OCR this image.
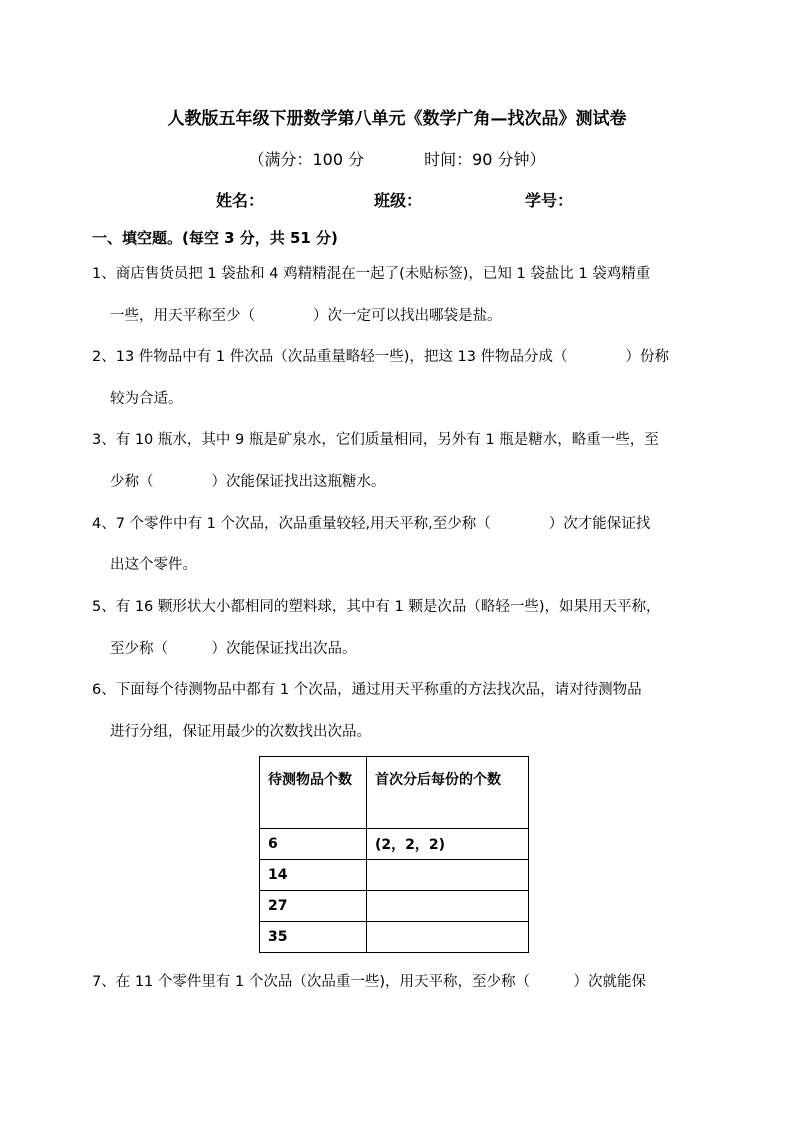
人教版五年级下册数学第八单元《数学广角—找次品》测试卷
（满分：100 分	时间：90 分钟）
姓名：	班级：	学号：
一、填空题。(每空 3 分，共 51 分)
1、商店售货员把 1 袋盐和 4 鸡精精混在一起了(未贴标签)，已知 1 袋盐比 1 袋鸡精重
一些，用天平称至少（　　　　）次一定可以找出哪袋是盐。
2、13 件物品中有 1 件次品（次品重量略轻一些)，把这 13 件物品分成（　　　　）份称
较为合适。
3、有 10 瓶水，其中 9 瓶是矿泉水，它们质量相同，另外有 1 瓶是糖水，略重一些，至
少称（　　　　）次能保证找出这瓶糖水。
4、7 个零件中有 1 个次品，次品重量较轻,用天平称,至少称（　　　　）次才能保证找
出这个零件。
5、有 16 颗形状大小都相同的塑料球，其中有 1 颗是次品（略轻一些)，如果用天平称，
至少称（　　　）次能保证找出次品。
6、下面每个待测物品中都有 1 个次品，通过用天平称重的方法找次品，请对待测物品
进行分组，保证用最少的次数找出次品。
待测物品个数	首次分后每份的个数
6	(2，2，2)
14	
27	
35	
7、在 11 个零件里有 1 个次品（次品重一些)，用天平称，至少称（　　　）次就能保
